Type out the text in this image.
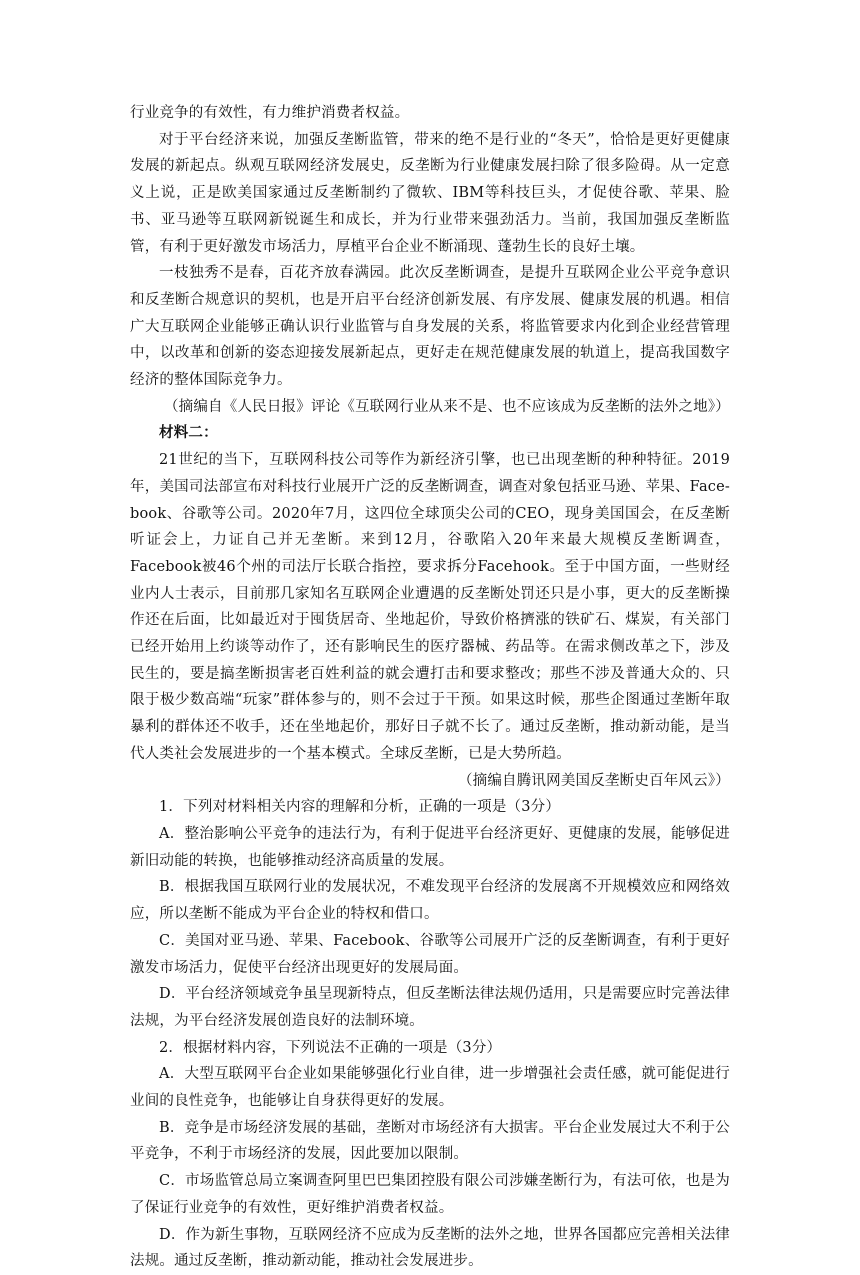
行业竞争的有效性，有力维护消费者权益。

对于平台经济来说，加强反垄断监管，带来的绝不是行业的“冬天”，恰恰是更好更健康发展的新起点。纵观互联网经济发展史，反垄断为行业健康发展扫除了很多险碍。从一定意义上说，正是欧美国家通过反垄断制约了微软、IBM等科技巨头，才促使谷歌、苹果、脸书、亚马逊等互联网新锐诞生和成长，并为行业带来强劲活力。当前，我国加强反垄断监管，有利于更好激发市场活力，厚植平台企业不断涌现、蓬勃生长的良好土壤。

一枝独秀不是春，百花齐放春满园。此次反垄断调查，是提升互联网企业公平竞争意识和反垄断合规意识的契机，也是开启平台经济创新发展、有序发展、健康发展的机遇。相信广大互联网企业能够正确认识行业监管与自身发展的关系，将监管要求内化到企业经营管理中，以改革和创新的姿态迎接发展新起点，更好走在规范健康发展的轨道上，提高我国数字经济的整体国际竞争力。

（摘编自《人民日报》评论《互联网行业从来不是、也不应该成为反垄断的法外之地》）

材料二：

21世纪的当下，互联网科技公司等作为新经济引擎，也已出现垄断的种种特征。2019年，美国司法部宣布对科技行业展开广泛的反垄断调查，调查对象包括亚马逊、苹果、Face-book、谷歌等公司。2020年7月，这四位全球顶尖公司的CEO，现身美国国会，在反垄断听证会上，力证自己并无垄断。来到12月，谷歌陷入20年来最大规模反垄断调查，Facebook被46个州的司法厅长联合指控，要求拆分Facehook。至于中国方面，一些财经业内人士表示，目前那几家知名互联网企业遭遇的反垄断处罚还只是小事，更大的反垄断操作还在后面，比如最近对于囤货居奇、坐地起价，导致价格擠涨的铁矿石、煤炭，有关部门已经开始用上约谈等动作了，还有影响民生的医疗器械、药品等。在需求侧改革之下，涉及民生的，要是搞垄断损害老百姓利益的就会遭打击和要求整改；那些不涉及普通大众的、只限于极少数高端“玩家”群体参与的，则不会过于干预。如果这时候，那些企图通过垄断年取暴利的群体还不收手，还在坐地起价，那好日子就不长了。通过反垄断，推动新动能，是当代人类社会发展进步的一个基本模式。全球反垄断，已是大势所趋。

（摘编自腾讯网美国反垄断史百年风云》）

1．下列对材料相关内容的理解和分析，正确的一项是（3分）

A．整治影响公平竞争的违法行为，有利于促进平台经济更好、更健康的发展，能够促进新旧动能的转换，也能够推动经济高质量的发展。

B．根据我国互联网行业的发展状况，不难发现平台经济的发展离不开规模效应和网络效应，所以垄断不能成为平台企业的特权和借口。

C．美国对亚马逊、苹果、Facebook、谷歌等公司展开广泛的反垄断调查，有利于更好激发市场活力，促使平台经济出现更好的发展局面。

D．平台经济领域竞争虽呈现新特点，但反垄断法律法规仍适用，只是需要应时完善法律法规，为平台经济发展创造良好的法制环境。

2．根据材料内容，下列说法不正确的一项是（3分）

A．大型互联网平台企业如果能够强化行业自律，进一步增强社会责任感，就可能促进行业间的良性竞争，也能够让自身获得更好的发展。

B．竞争是市场经济发展的基础，垄断对市场经济有大损害。平台企业发展过大不利于公平竞争，不利于市场经济的发展，因此要加以限制。

C．市场监管总局立案调查阿里巴巴集团控股有限公司涉嫌垄断行为，有法可依，也是为了保证行业竞争的有效性，更好维护消费者权益。

D．作为新生事物，互联网经济不应成为反垄断的法外之地，世界各国都应完善相关法律法规。通过反垄断，推动新动能，推动社会发展进步。
